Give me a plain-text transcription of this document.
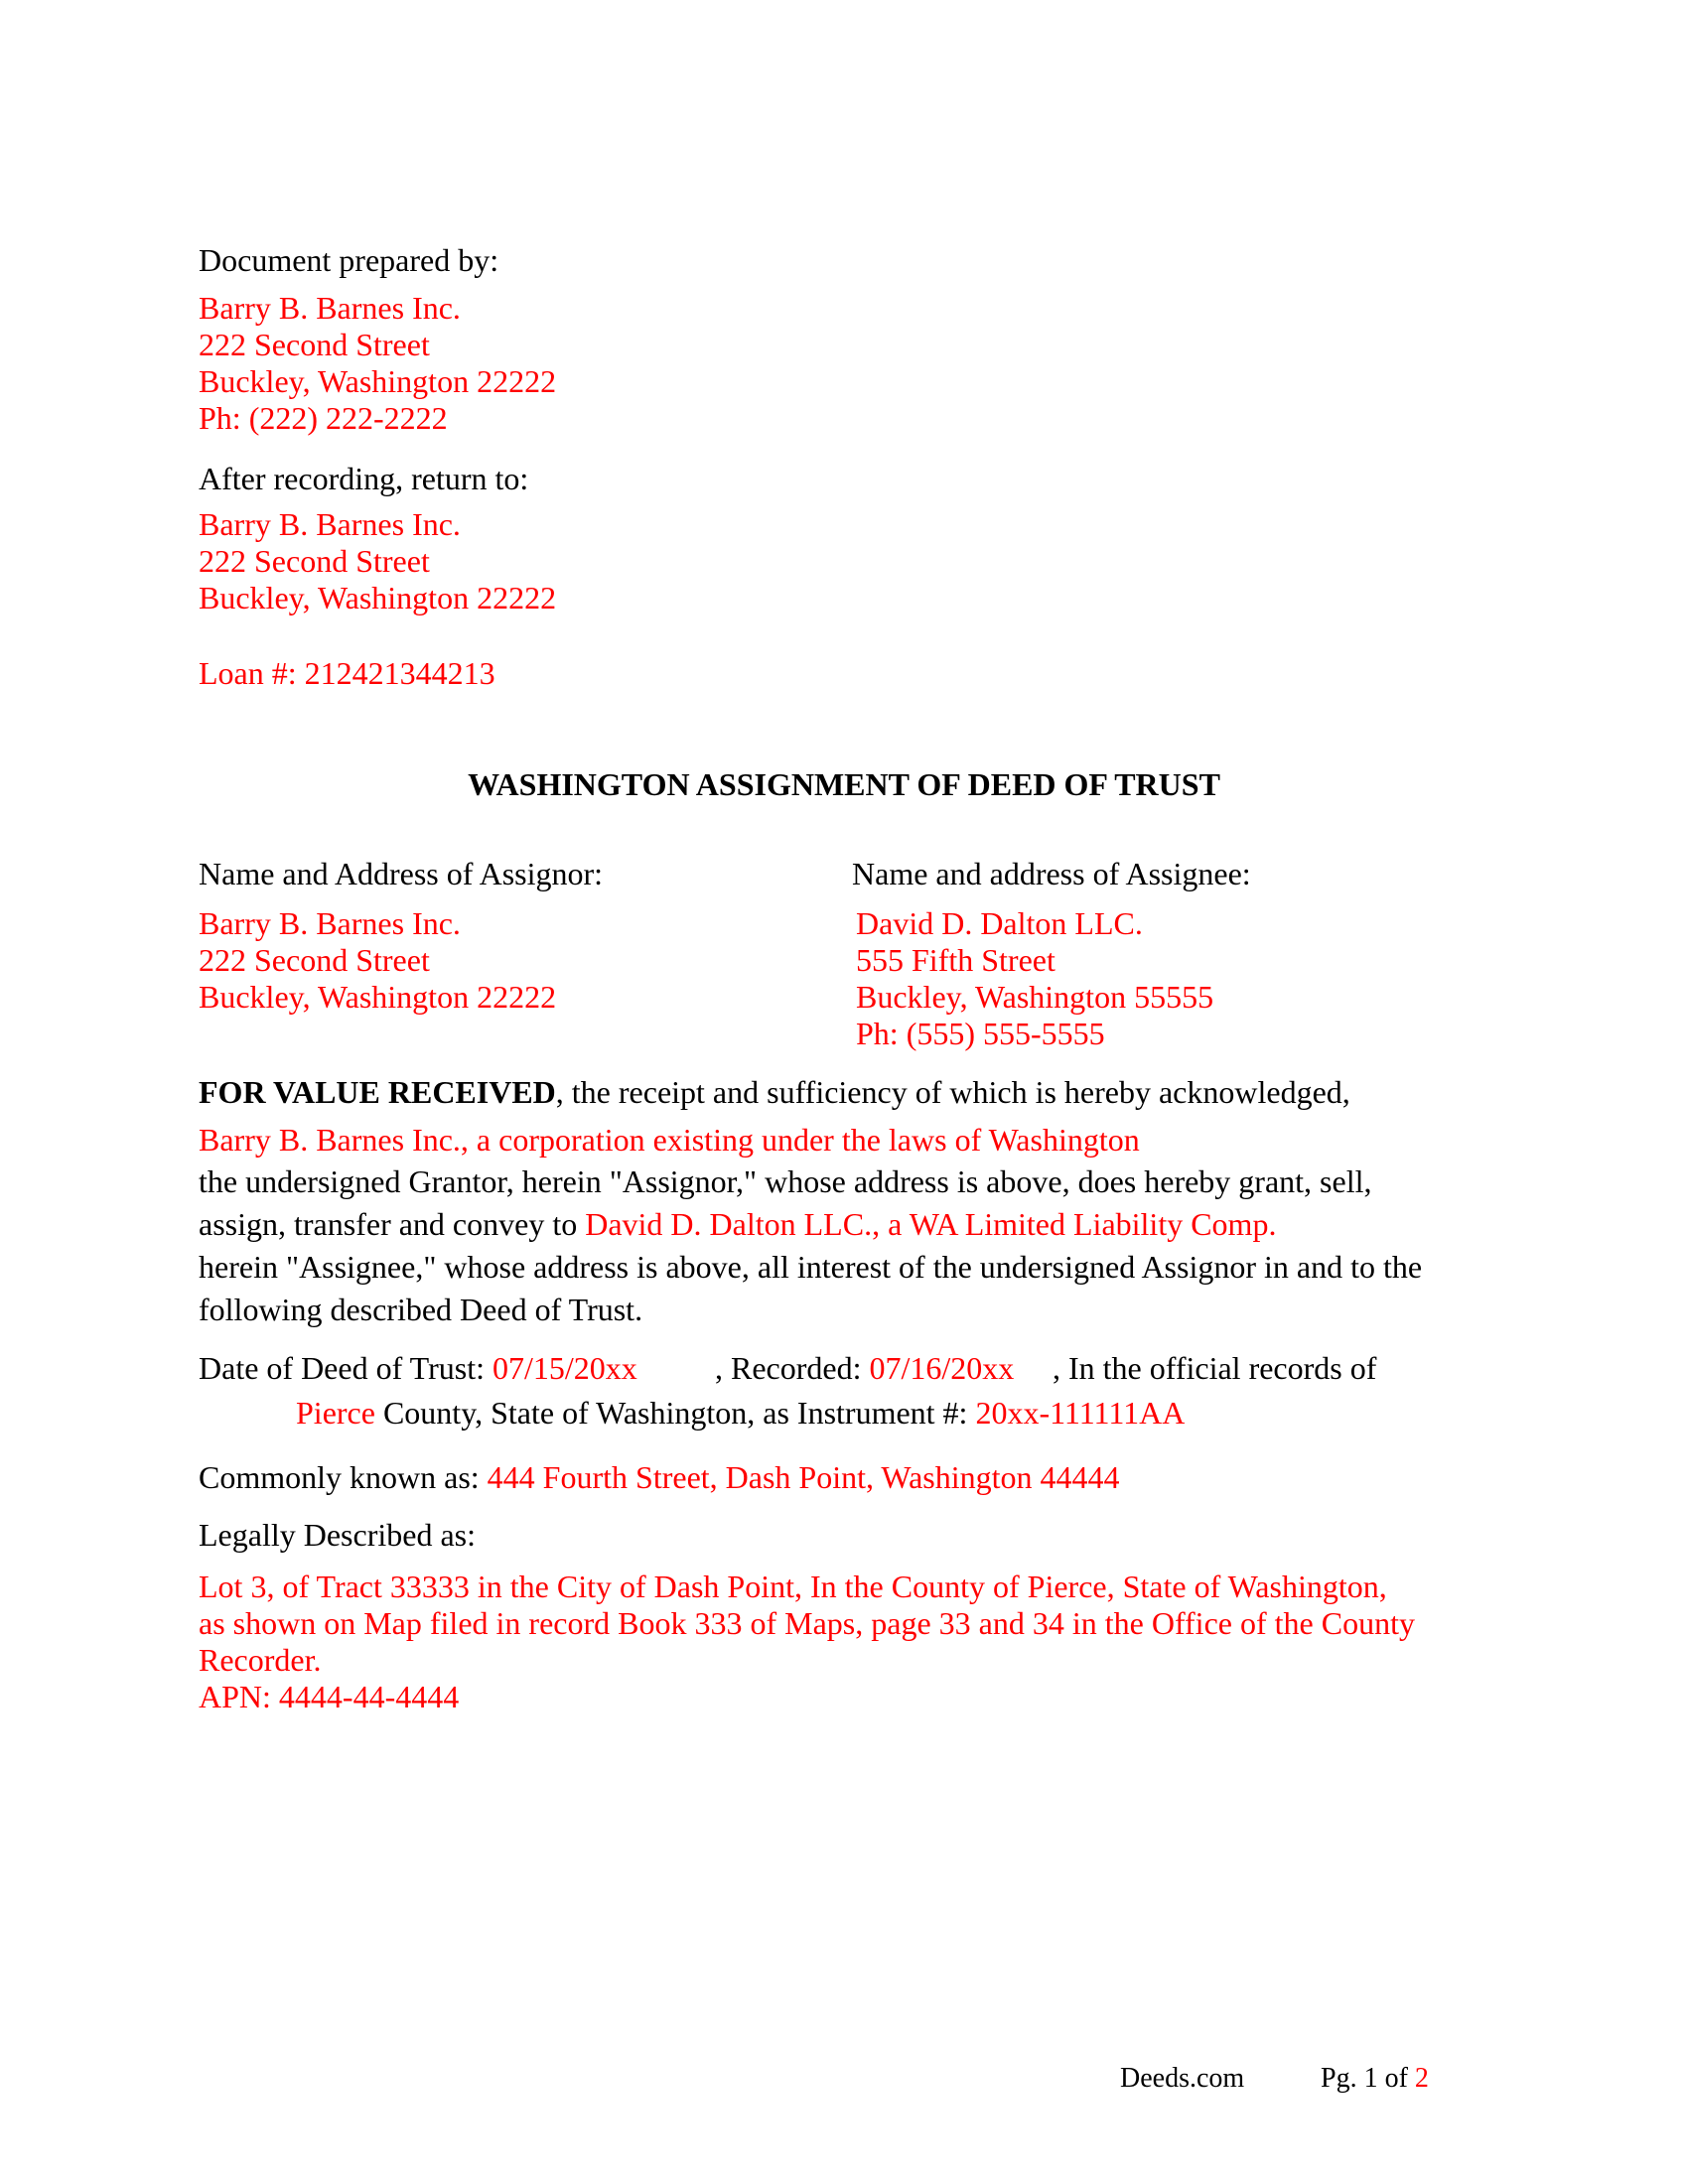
Document prepared by:
Barry B. Barnes Inc.
222 Second Street
Buckley, Washington 22222
Ph: (222) 222-2222
After recording, return to:
Barry B. Barnes Inc.
222 Second Street
Buckley, Washington 22222
Loan #: 212421344213
WASHINGTON ASSIGNMENT OF DEED OF TRUST
Name and Address of Assignor:	Name and address of Assignee:
Barry B. Barnes Inc.
222 Second Street
Buckley, Washington 22222
David D. Dalton LLC.
555 Fifth Street
Buckley, Washington 55555
Ph: (555) 555-5555
FOR VALUE RECEIVED, the receipt and sufficiency of which is hereby acknowledged,
Barry B. Barnes Inc., a corporation existing under the laws of Washington
the undersigned Grantor, herein "Assignor," whose address is above, does hereby grant, sell,
assign, transfer and convey to David D. Dalton LLC., a WA Limited Liability Comp.
herein "Assignee," whose address is above, all interest of the undersigned Assignor in and to the
following described Deed of Trust.
Date of Deed of Trust: 07/15/20xx , Recorded: 07/16/20xx , In the official records of
Pierce County, State of Washington, as Instrument #: 20xx-111111AA
Commonly known as: 444 Fourth Street, Dash Point, Washington 44444
Legally Described as:
Lot 3, of Tract 33333 in the City of Dash Point, In the County of Pierce, State of Washington,
as shown on Map filed in record Book 333 of Maps, page 33 and 34 in the Office of the County
Recorder.
APN: 4444-44-4444
Deeds.com	Pg. 1 of 2
